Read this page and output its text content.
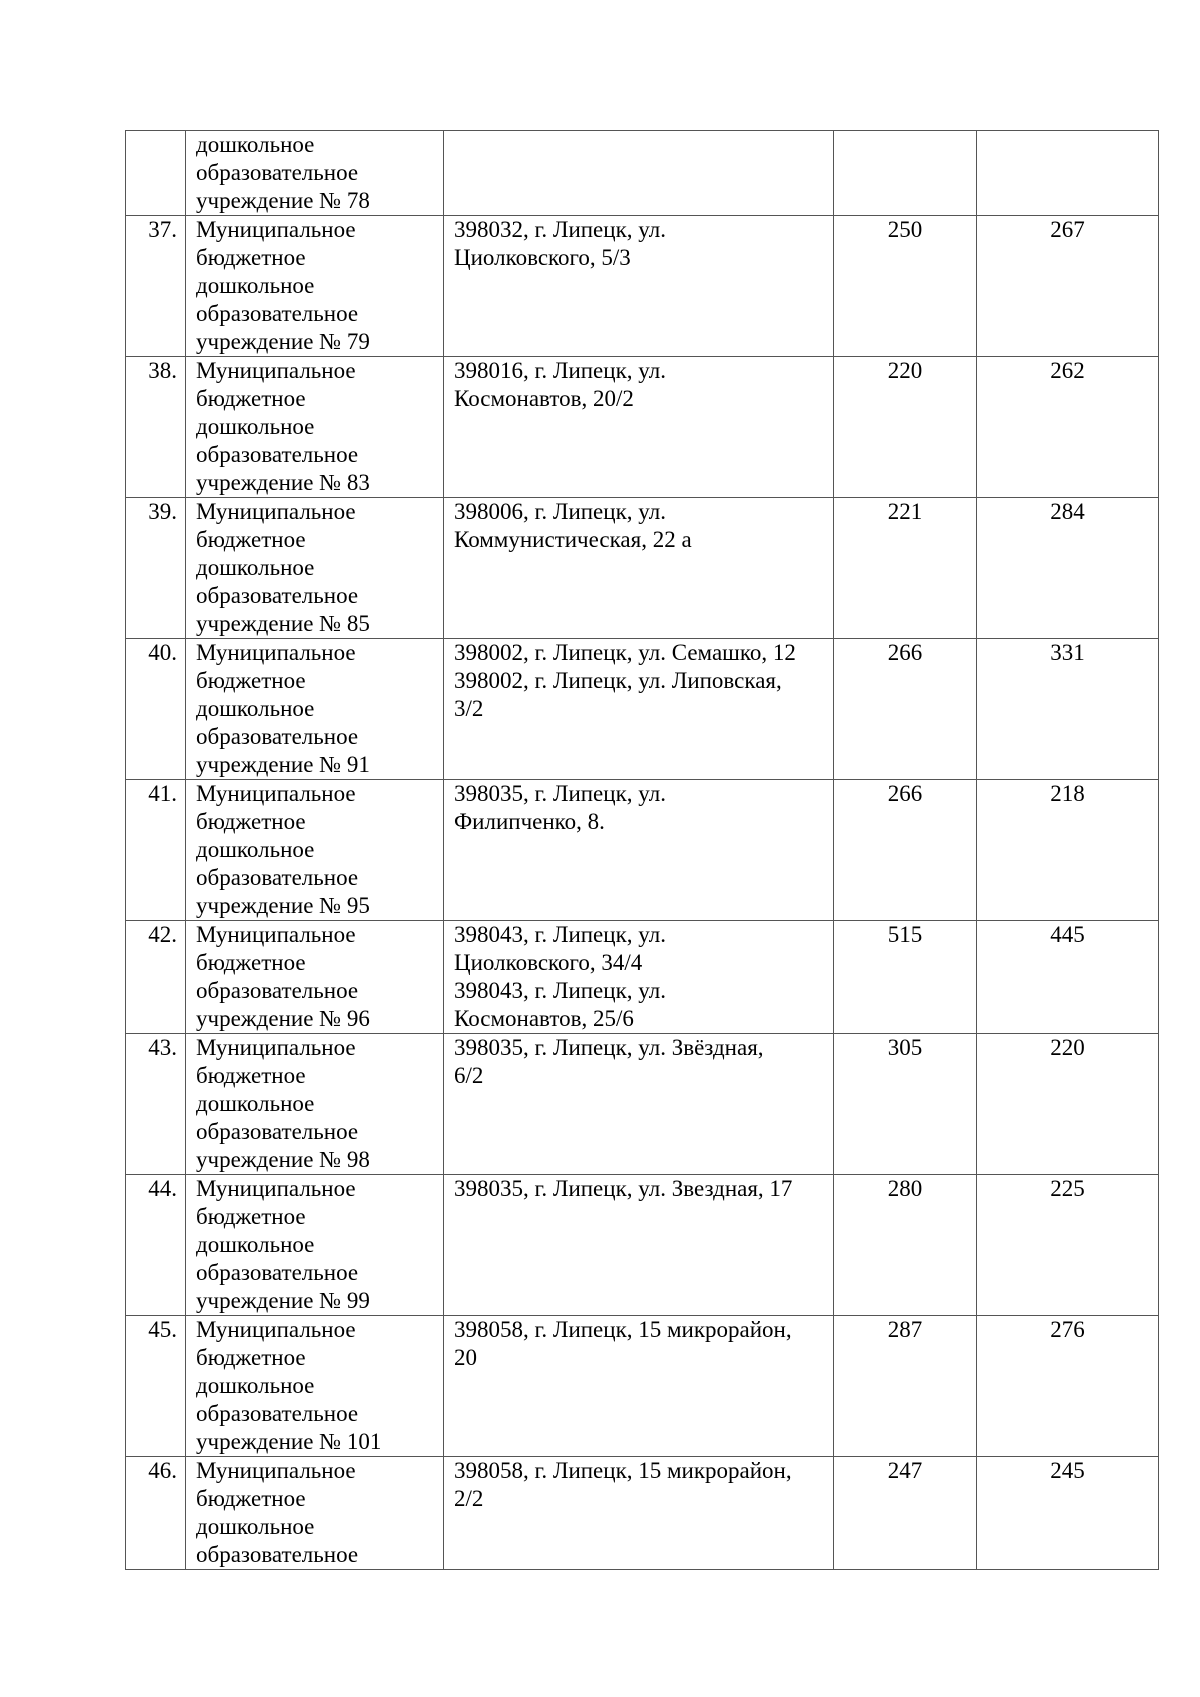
	дошкольное
образовательное
учреждение № 78			

37.	Муниципальное
бюджетное
дошкольное
образовательное
учреждение № 79	398032, г. Липецк, ул.
Циолковского, 5/3	250	267
38.	Муниципальное
бюджетное
дошкольное
образовательное
учреждение № 83	398016, г. Липецк, ул.
Космонавтов, 20/2	220	262
39.	Муниципальное
бюджетное
дошкольное
образовательное
учреждение № 85	398006, г. Липецк, ул.
Коммунистическая, 22 а	221	284
40.	Муниципальное
бюджетное
дошкольное
образовательное
учреждение № 91	398002, г. Липецк, ул. Семашко, 12
398002, г. Липецк, ул. Липовская,
3/2	266	331
41.	Муниципальное
бюджетное
дошкольное
образовательное
учреждение № 95	398035, г. Липецк, ул.
Филипченко, 8.	266	218
42.	Муниципальное
бюджетное
образовательное
учреждение № 96	398043, г. Липецк, ул.
Циолковского, 34/4
398043, г. Липецк, ул.
Космонавтов, 25/6	515	445
43.	Муниципальное
бюджетное
дошкольное
образовательное
учреждение № 98	398035, г. Липецк, ул. Звёздная,
6/2	305	220
44.	Муниципальное
бюджетное
дошкольное
образовательное
учреждение № 99	398035, г. Липецк, ул. Звездная, 17	280	225
45.	Муниципальное
бюджетное
дошкольное
образовательное
учреждение № 101	398058, г. Липецк, 15 микрорайон,
20	287	276
46.	Муниципальное
бюджетное
дошкольное
образовательное	398058, г. Липецк, 15 микрорайон,
2/2	247	245
